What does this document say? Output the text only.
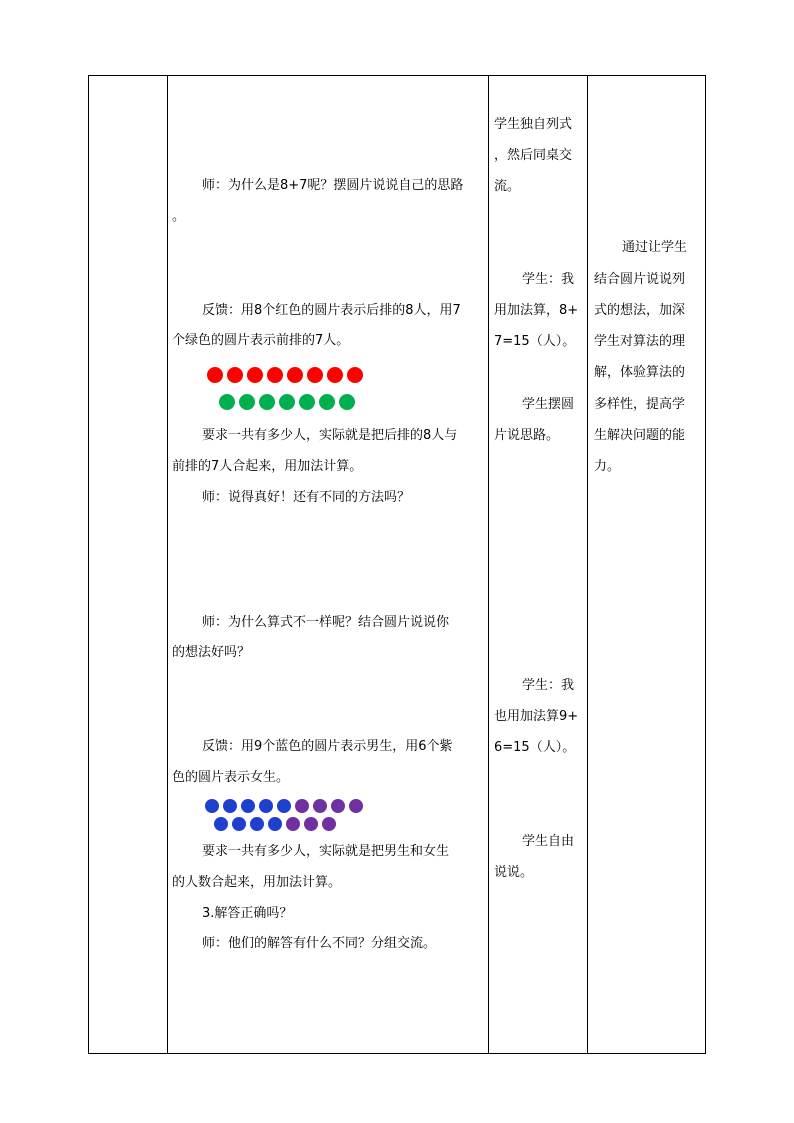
师：为什么是8+7呢？摆圆片说说自己的思路
。
反馈：用8个红色的圆片表示后排的8人，用7
个绿色的圆片表示前排的7人。
要求一共有多少人，实际就是把后排的8人与
前排的7人合起来，用加法计算。
师：说得真好！还有不同的方法吗？
师：为什么算式不一样呢？结合圆片说说你
的想法好吗？
反馈：用9个蓝色的圆片表示男生，用6个紫
色的圆片表示女生。
要求一共有多少人，实际就是把男生和女生
的人数合起来，用加法计算。
3.解答正确吗？
师：他们的解答有什么不同？分组交流。
学生独自列式
，然后同桌交
流。
学生：我
用加法算，8+
7=15（人）。
学生摆圆
片说思路。
学生：我
也用加法算9+
6=15（人）。
学生自由
说说。
通过让学生
结合圆片说说列
式的想法，加深
学生对算法的理
解，体验算法的
多样性，提高学
生解决问题的能
力。
